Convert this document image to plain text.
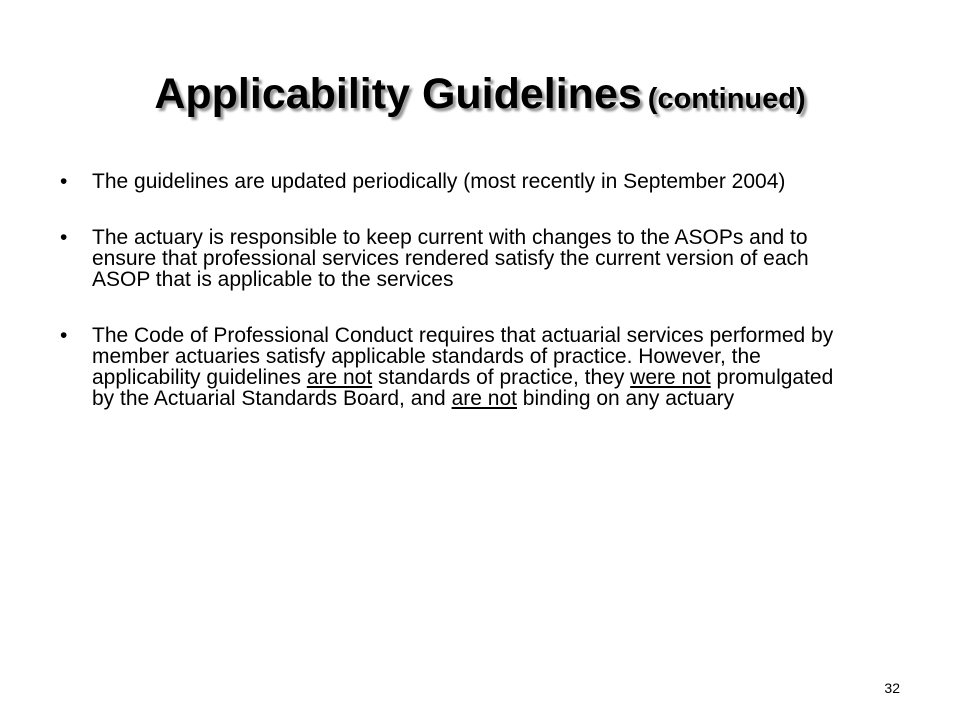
Applicability Guidelines (continued)
•	The guidelines are updated periodically (most recently in September 2004)
•	The actuary is responsible to keep current with changes to the ASOPs and to ensure that professional services rendered satisfy the current version of each ASOP that is applicable to the services
•	The Code of Professional Conduct requires that actuarial services performed by member actuaries satisfy applicable standards of practice. However, the applicability guidelines are not standards of practice, they were not promulgated by the Actuarial Standards Board, and are not binding on any actuary
32
